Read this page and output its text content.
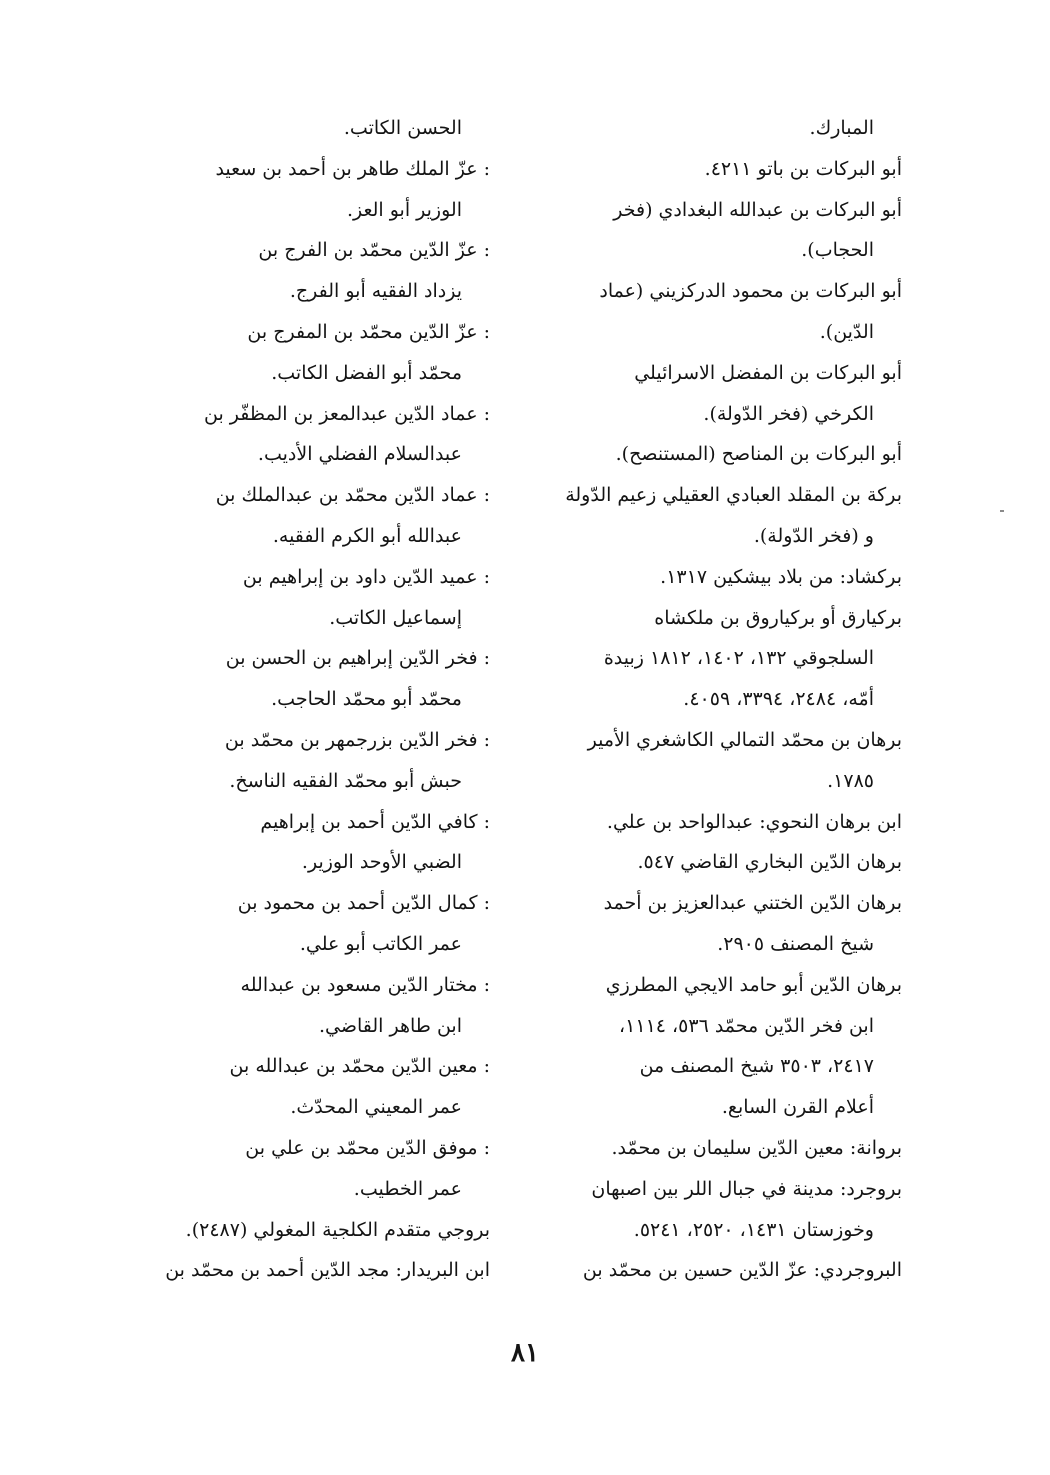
المبارك.
أبو البركات بن باتو ٤٢١١.
أبو البركات بن عبدالله البغدادي (فخر
الحجاب).
أبو البركات بن محمود الدركزيني (عماد
الدّين).
أبو البركات بن المفضل الاسرائيلي
الكرخي (فخر الدّولة).
أبو البركات بن المناصح (المستنصح).
بركة بن المقلد العبادي العقيلي زعيم الدّولة
و (فخر الدّولة).
بركشاد: من بلاد بيشكين ١٣١٧.
بركيارق أو بركياروق بن ملكشاه
السلجوقي ١٣٢، ١٤٠٢، ١٨١٢ زبيدة
أمّه، ٢٤٨٤، ٣٣٩٤، ٤٠٥٩.
برهان بن محمّد التمالي الكاشغري الأمير
١٧٨٥.
ابن برهان النحوي: عبدالواحد بن علي.
برهان الدّين البخاري القاضي ٥٤٧.
برهان الدّين الختني عبدالعزيز بن أحمد
شيخ المصنف ٢٩٠٥.
برهان الدّين أبو حامد الايجي المطرزي
ابن فخر الدّين محمّد ٥٣٦، ١١١٤،
٢٤١٧، ٣٥٠٣ شيخ المصنف من
أعلام القرن السابع.
بروانة: معين الدّين سليمان بن محمّد.
بروجرد: مدينة في جبال اللر بين اصبهان
وخوزستان ١٤٣١، ٢٥٢٠، ٥٢٤١.
البروجردي: عزّ الدّين حسين بن محمّد بن
الحسن الكاتب.
: عزّ الملك طاهر بن أحمد بن سعيد
الوزير أبو العز.
: عزّ الدّين محمّد بن الفرج بن
يزداد الفقيه أبو الفرج.
: عزّ الدّين محمّد بن المفرج بن
محمّد أبو الفضل الكاتب.
: عماد الدّين عبدالمعز بن المظفّر بن
عبدالسلام الفضلي الأديب.
: عماد الدّين محمّد بن عبدالملك بن
عبدالله أبو الكرم الفقيه.
: عميد الدّين داود بن إبراهيم بن
إسماعيل الكاتب.
: فخر الدّين إبراهيم بن الحسن بن
محمّد أبو محمّد الحاجب.
: فخر الدّين بزرجمهر بن محمّد بن
حبش أبو محمّد الفقيه الناسخ.
: كافي الدّين أحمد بن إبراهيم
الضبي الأوحد الوزير.
: كمال الدّين أحمد بن محمود بن
عمر الكاتب أبو علي.
: مختار الدّين مسعود بن عبدالله
ابن طاهر القاضي.
: معين الدّين محمّد بن عبدالله بن
عمر المعيني المحدّث.
: موفق الدّين محمّد بن علي بن
عمر الخطيب.
بروجي متقدم الكلجية المغولي (٢٤٨٧).
ابن البريدار: مجد الدّين أحمد بن محمّد بن
٨١
